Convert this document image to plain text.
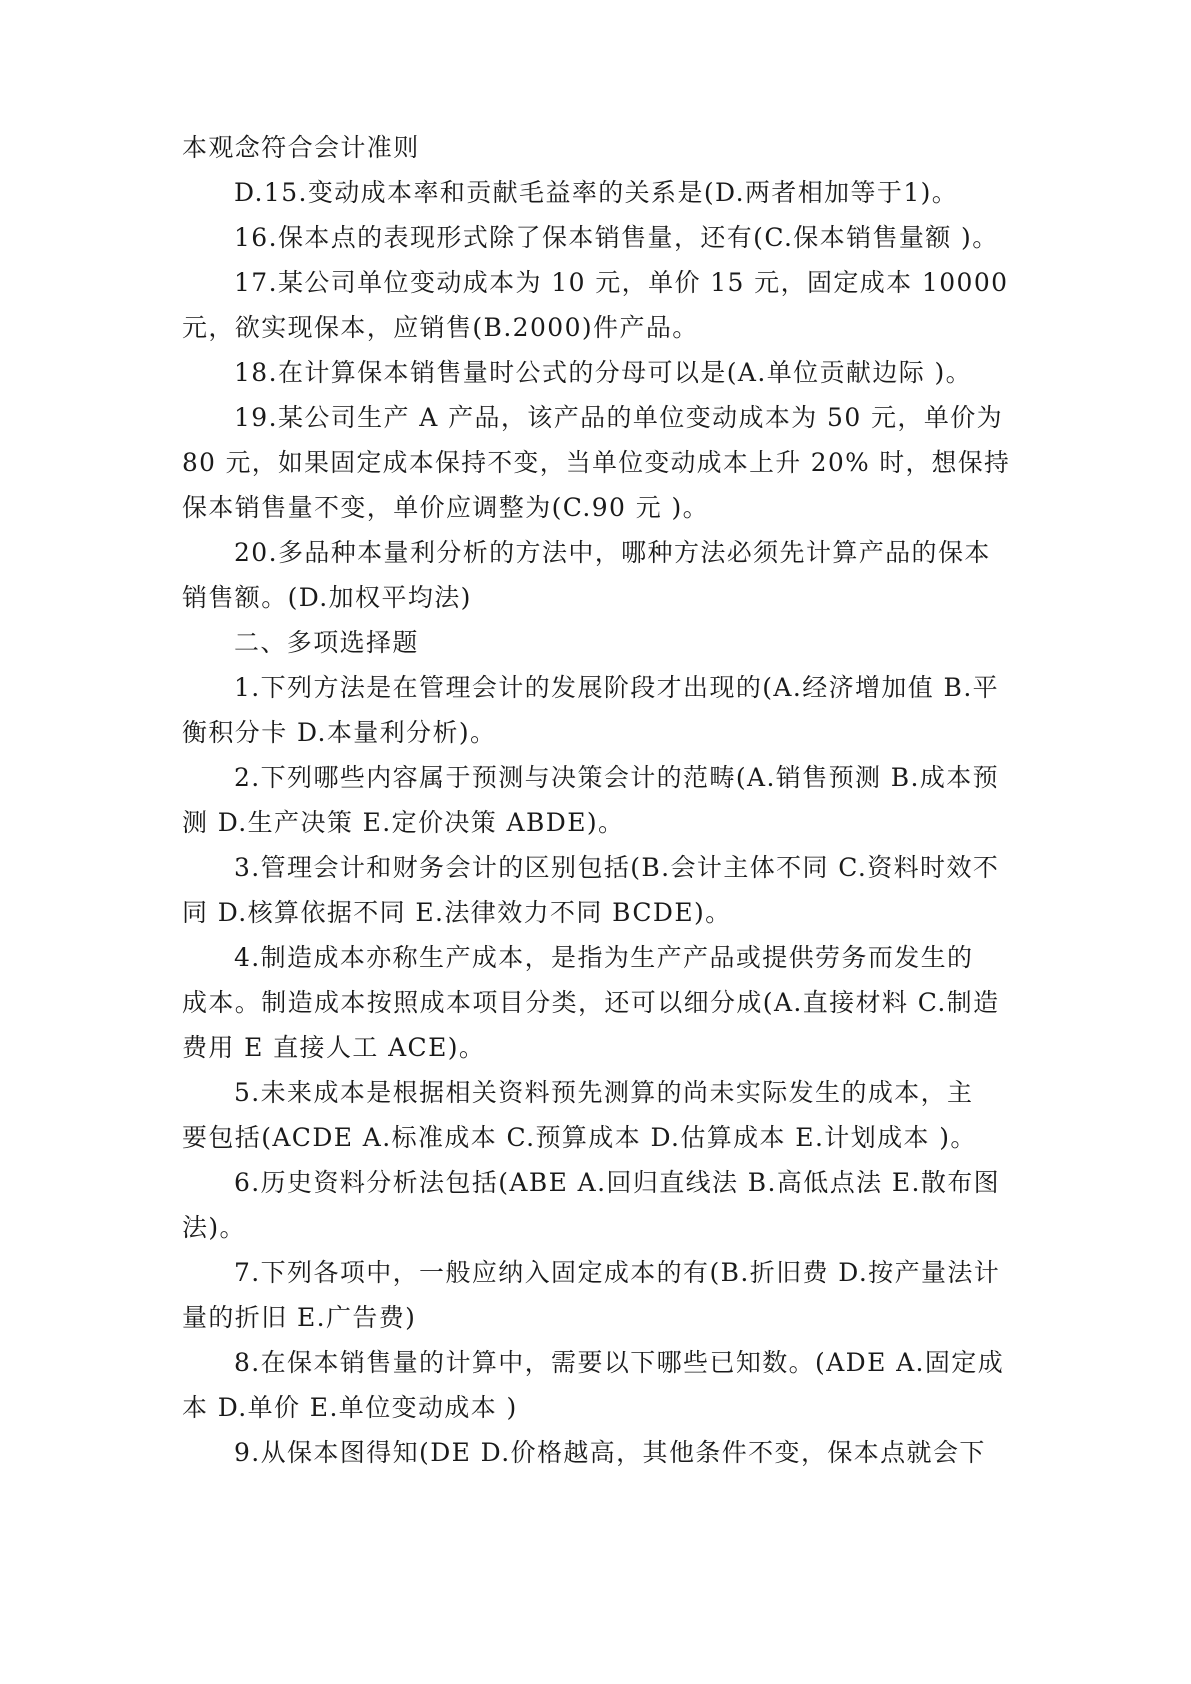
本观念符合会计准则
D.15.变动成本率和贡献毛益率的关系是(D.两者相加等于1)。
16.保本点的表现形式除了保本销售量，还有(C.保本销售量额 )。
17.某公司单位变动成本为 10 元，单价 15 元，固定成本 10000
元，欲实现保本，应销售(B.2000)件产品。
18.在计算保本销售量时公式的分母可以是(A.单位贡献边际 )。
19.某公司生产 A 产品，该产品的单位变动成本为 50 元，单价为
80 元，如果固定成本保持不变，当单位变动成本上升 20% 时，想保持
保本销售量不变，单价应调整为(C.90 元 )。
20.多品种本量利分析的方法中，哪种方法必须先计算产品的保本
销售额。(D.加权平均法)
二、多项选择题
1.下列方法是在管理会计的发展阶段才出现的(A.经济增加值 B.平
衡积分卡 D.本量利分析)。
2.下列哪些内容属于预测与决策会计的范畴(A.销售预测 B.成本预
测 D.生产决策 E.定价决策 ABDE)。
3.管理会计和财务会计的区别包括(B.会计主体不同 C.资料时效不
同 D.核算依据不同 E.法律效力不同 BCDE)。
4.制造成本亦称生产成本，是指为生产产品或提供劳务而发生的
成本。制造成本按照成本项目分类，还可以细分成(A.直接材料 C.制造
费用 E 直接人工 ACE)。
5.未来成本是根据相关资料预先测算的尚未实际发生的成本，主
要包括(ACDE A.标准成本 C.预算成本 D.估算成本 E.计划成本 )。
6.历史资料分析法包括(ABE A.回归直线法 B.高低点法 E.散布图
法)。
7.下列各项中，一般应纳入固定成本的有(B.折旧费 D.按产量法计
量的折旧 E.广告费)
8.在保本销售量的计算中，需要以下哪些已知数。(ADE A.固定成
本 D.单价 E.单位变动成本 )
9.从保本图得知(DE D.价格越高，其他条件不变，保本点就会下
